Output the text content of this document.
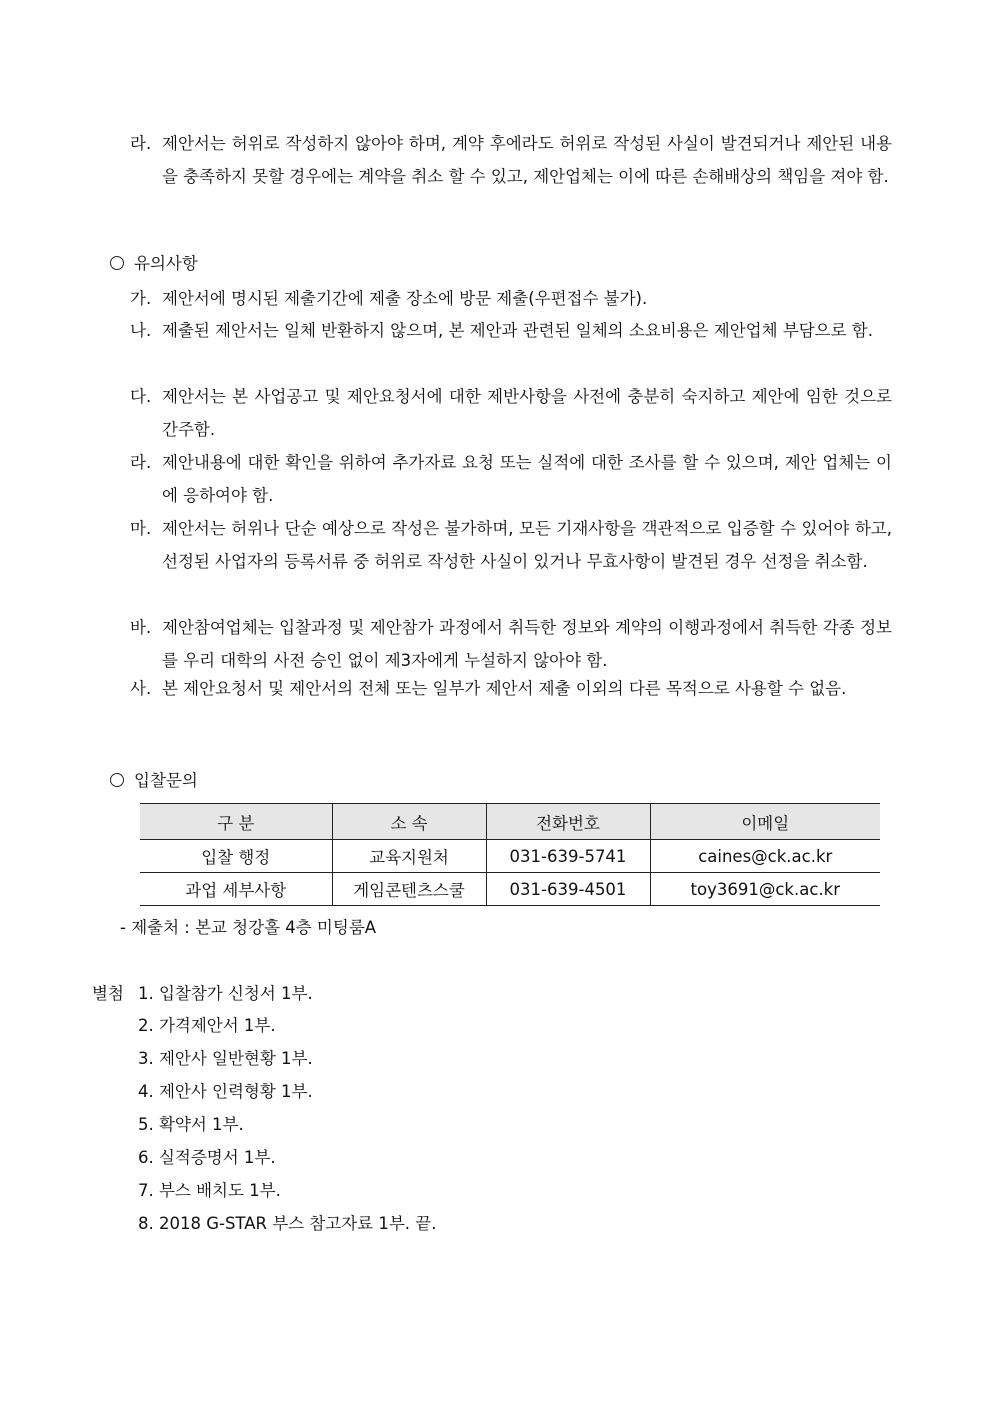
라. 제안서는 허위로 작성하지 않아야 하며, 계약 후에라도 허위로 작성된 사실이 발견되거나 제안된 내용을 충족하지 못할 경우에는 계약을 취소 할 수 있고, 제안업체는 이에 따른 손해배상의 책임을 져야 함.
유의사항
가. 제안서에 명시된 제출기간에 제출 장소에 방문 제출(우편접수 불가).
나. 제출된 제안서는 일체 반환하지 않으며, 본 제안과 관련된 일체의 소요비용은 제안업체 부담으로 함.
다. 제안서는 본 사업공고 및 제안요청서에 대한 제반사항을 사전에 충분히 숙지하고 제안에 임한 것으로 간주함.
라. 제안내용에 대한 확인을 위하여 추가자료 요청 또는 실적에 대한 조사를 할 수 있으며, 제안 업체는 이에 응하여야 함.
마. 제안서는 허위나 단순 예상으로 작성은 불가하며, 모든 기재사항을 객관적으로 입증할 수 있어야 하고, 선정된 사업자의 등록서류 중 허위로 작성한 사실이 있거나 무효사항이 발견된 경우 선정을 취소함.
바. 제안참여업체는 입찰과정 및 제안참가 과정에서 취득한 정보와 계약의 이행과정에서 취득한 각종 정보를 우리 대학의 사전 승인 없이 제3자에게 누설하지 않아야 함.
사. 본 제안요청서 및 제안서의 전체 또는 일부가 제안서 제출 이외의 다른 목적으로 사용할 수 없음.
입찰문의
구 분	소 속	전화번호	이메일
입찰 행정	교육지원처	031-639-5741	caines@ck.ac.kr
과업 세부사항	게임콘텐츠스쿨	031-639-4501	toy3691@ck.ac.kr
- 제출처 : 본교 청강홀 4층 미팅룸A
별첨 1. 입찰참가 신청서 1부.
2. 가격제안서 1부.
3. 제안사 일반현황 1부.
4. 제안사 인력형황 1부.
5. 확약서 1부.
6. 실적증명서 1부.
7. 부스 배치도 1부.
8. 2018 G-STAR 부스 참고자료 1부. 끝.
